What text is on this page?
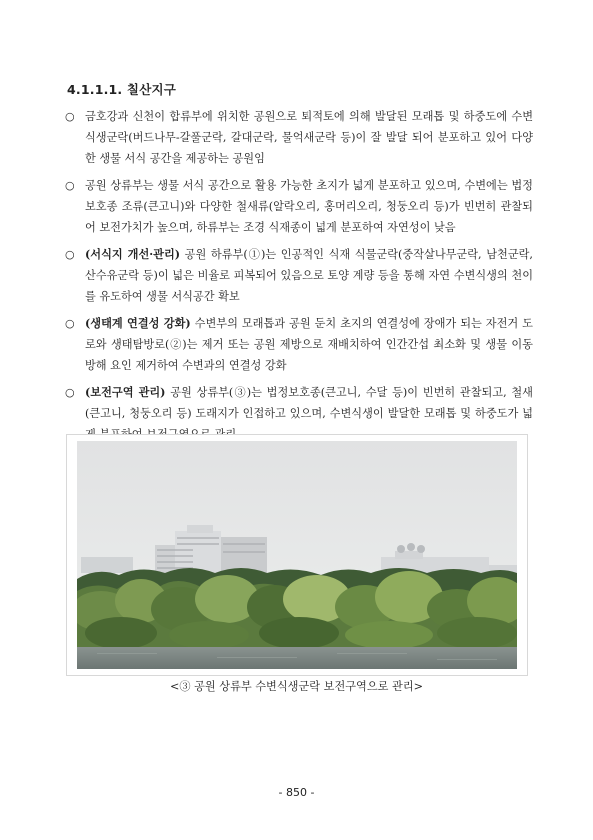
4.1.1.1. 칠산지구
○ 금호강과 신천이 합류부에 위치한 공원으로 퇴적토에 의해 발달된 모래톱 및 하중도에 수변 식생군락(버드나무-갈풀군락, 갈대군락, 물억새군락 등)이 잘 발달 되어 분포하고 있어 다양한 생물 서식 공간을 제공하는 공원임
○ 공원 상류부는 생물 서식 공간으로 활용 가능한 초지가 넓게 분포하고 있으며, 수변에는 법정보호종 조류(큰고니)와 다양한 철새류(알락오리, 홍머리오리, 청둥오리 등)가 빈번히 관찰되어 보전가치가 높으며, 하류부는 조경 식재종이 넓게 분포하여 자연성이 낮음
○ (서식지 개선·관리) 공원 하류부(①)는 인공적인 식재 식물군락(중작살나무군락, 남천군락, 산수유군락 등)이 넓은 비율로 피복되어 있음으로 토양 계량 등을 통해 자연 수변식생의 천이를 유도하여 생물 서식공간 확보
○ (생태계 연결성 강화) 수변부의 모래톱과 공원 둔치 초지의 연결성에 장애가 되는 자전거 도로와 생태탐방로(②)는 제거 또는 공원 제방으로 재배치하여 인간간섭 최소화 및 생물 이동 방해 요인 제거하여 수변과의 연결성 강화
○ (보전구역 관리) 공원 상류부(③)는 법정보호종(큰고니, 수달 등)이 빈번히 관찰되고, 철새(큰고니, 청둥오리 등) 도래지가 인접하고 있으며, 수변식생이 발달한 모래톱 및 하중도가 넓
<③ 공원 상류부 수변식생군락 보전구역으로 관리>
- 850 -
